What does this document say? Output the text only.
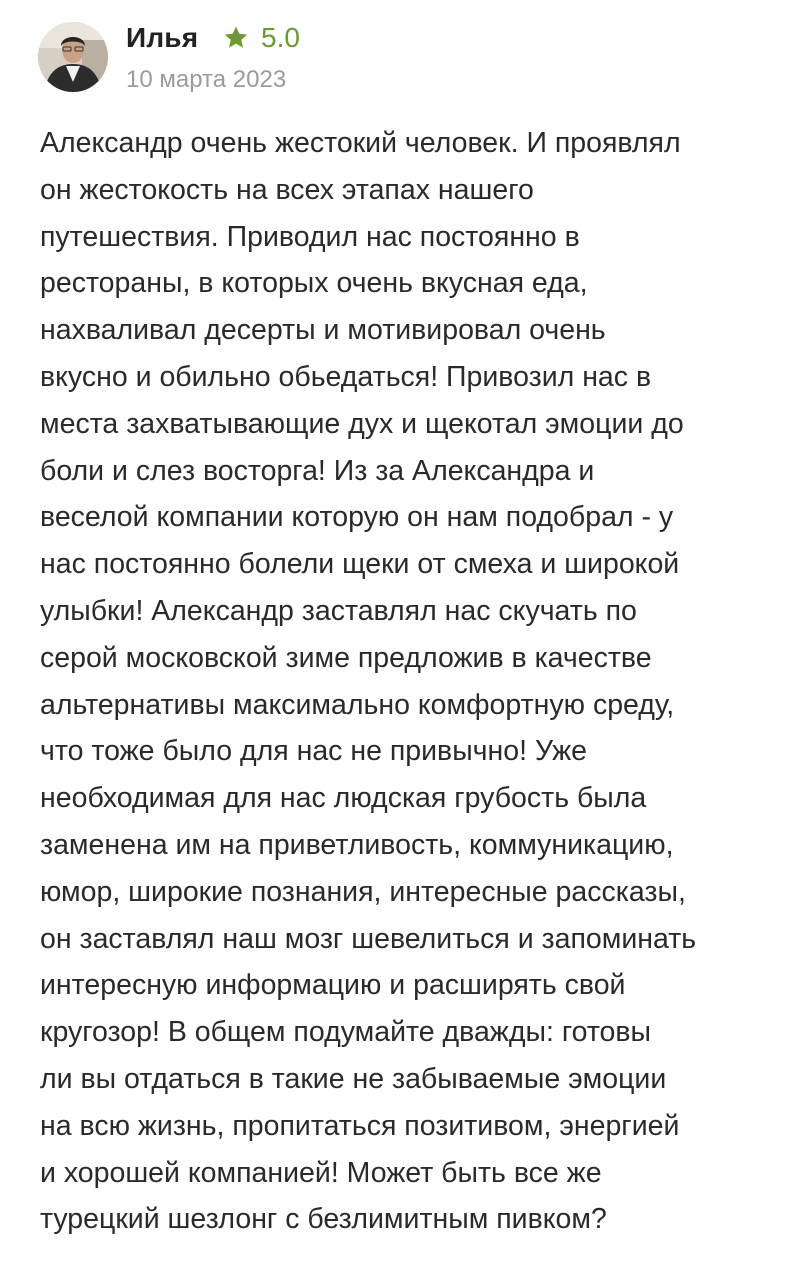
Илья 5.0
10 марта 2023

Александр очень жестокий человек. И проявлял
он жестокость на всех этапах нашего
путешествия. Приводил нас постоянно в
рестораны, в которых очень вкусная еда,
нахваливал десерты и мотивировал очень
вкусно и обильно обьедаться! Привозил нас в
места захватывающие дух и щекотал эмоции до
боли и слез восторга! Из за Александра и
веселой компании которую он нам подобрал - у
нас постоянно болели щеки от смеха и широкой
улыбки! Александр заставлял нас скучать по
серой московской зиме предложив в качестве
альтернативы максимально комфортную среду,
что тоже было для нас не привычно! Уже
необходимая для нас людская грубость была
заменена им на приветливость, коммуникацию,
юмор, широкие познания, интересные рассказы,
он заставлял наш мозг шевелиться и запоминать
интересную информацию и расширять свой
кругозор! В общем подумайте дважды: готовы
ли вы отдаться в такие не забываемые эмоции
на всю жизнь, пропитаться позитивом, энергией
и хорошей компанией! Может быть все же
турецкий шезлонг с безлимитным пивком?
